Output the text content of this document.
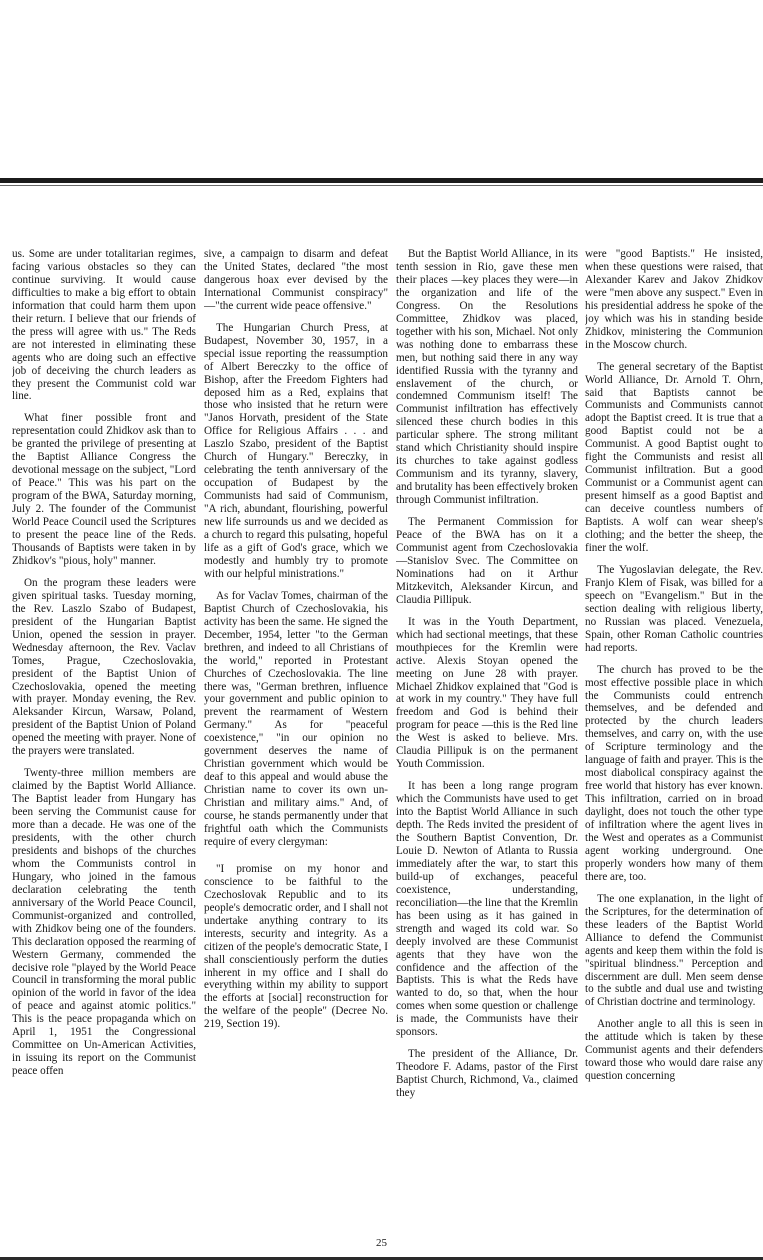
us. Some are under totalitarian regimes, facing various obstacles so they can continue surviving. It would cause difficulties to make a big effort to obtain information that could harm them upon their return. I believe that our friends of the press will agree with us." The Reds are not interested in eliminating these agents who are doing such an effective job of deceiving the church leaders as they present the Communist cold war line.

What finer possible front and representation could Zhidkov ask than to be granted the privilege of presenting at the Baptist Alliance Congress the devotional message on the subject, "Lord of Peace." This was his part on the program of the BWA, Saturday morning, July 2. The founder of the Communist World Peace Council used the Scriptures to present the peace line of the Reds. Thousands of Baptists were taken in by Zhidkov's "pious, holy" manner.

On the program these leaders were given spiritual tasks. Tuesday morning, the Rev. Laszlo Szabo of Budapest, president of the Hungarian Baptist Union, opened the session in prayer. Wednesday afternoon, the Rev. Vaclav Tomes, Prague, Czechoslovakia, president of the Baptist Union of Czechoslovakia, opened the meeting with prayer. Monday evening, the Rev. Aleksander Kircun, Warsaw, Poland, president of the Baptist Union of Poland opened the meeting with prayer. None of the prayers were translated.

Twenty-three million members are claimed by the Baptist World Alliance. The Baptist leader from Hungary has been serving the Communist cause for more than a decade. He was one of the presidents, with the other church presidents and bishops of the churches whom the Communists control in Hungary, who joined in the famous declaration celebrating the tenth anniversary of the World Peace Council, Communist-organized and controlled, with Zhidkov being one of the founders. This declaration opposed the rearming of Western Germany, commended the decisive role "played by the World Peace Council in transforming the moral public opinion of the world in favor of the idea of peace and against atomic politics." This is the peace propaganda which on April 1, 1951 the Congressional Committee on Un-American Activities, in issuing its report on the Communist peace offen

sive, a campaign to disarm and defeat the United States, declared "the most dangerous hoax ever devised by the International Communist conspiracy" —"the current wide peace offensive."

The Hungarian Church Press, at Budapest, November 30, 1957, in a special issue reporting the reassumption of Albert Bereczky to the office of Bishop, after the Freedom Fighters had deposed him as a Red, explains that those who insisted that he return were "Janos Horvath, president of the State Office for Religious Affairs . . . and Laszlo Szabo, president of the Baptist Church of Hungary." Bereczky, in celebrating the tenth anniversary of the occupation of Budapest by the Communists had said of Communism, "A rich, abundant, flourishing, powerful new life surrounds us and we decided as a church to regard this pulsating, hopeful life as a gift of God's grace, which we modestly and humbly try to promote with our helpful ministrations."

As for Vaclav Tomes, chairman of the Baptist Church of Czechoslovakia, his activity has been the same. He signed the December, 1954, letter "to the German brethren, and indeed to all Christians of the world," reported in Protestant Churches of Czechoslovakia. The line there was, "German brethren, influence your government and public opinion to prevent the rearmament of Western Germany." As for "peaceful coexistence," "in our opinion no government deserves the name of Christian government which would be deaf to this appeal and would abuse the Christian name to cover its own un-Christian and military aims." And, of course, he stands permanently under that frightful oath which the Communists require of every clergyman:

"I promise on my honor and conscience to be faithful to the Czechoslovak Republic and to its people's democratic order, and I shall not undertake anything contrary to its interests, security and integrity. As a citizen of the people's democratic State, I shall conscientiously perform the duties inherent in my office and I shall do everything within my ability to support the efforts at [social] reconstruction for the welfare of the people" (Decree No. 219, Section 19).

But the Baptist World Alliance, in its tenth session in Rio, gave these men their places —key places they were—in the organization and life of the Congress. On the Resolutions Committee, Zhidkov was placed, together with his son, Michael. Not only was nothing done to embarrass these men, but nothing said there in any way identified Russia with the tyranny and enslavement of the church, or condemned Communism itself! The Communist infiltration has effectively silenced these church bodies in this particular sphere. The strong militant stand which Christianity should inspire its churches to take against godless Communism and its tyranny, slavery, and brutality has been effectively broken through Communist infiltration.

The Permanent Commission for Peace of the BWA has on it a Communist agent from Czechoslovakia—Stanislov Svec. The Committee on Nominations had on it Arthur Mitzkevitch, Aleksander Kircun, and Claudia Pillipuk.

It was in the Youth Department, which had sectional meetings, that these mouthpieces for the Kremlin were active. Alexis Stoyan opened the meeting on June 28 with prayer. Michael Zhidkov explained that "God is at work in my country." They have full freedom and God is behind their program for peace —this is the Red line the West is asked to believe. Mrs. Claudia Pillipuk is on the permanent Youth Commission.

It has been a long range program which the Communists have used to get into the Baptist World Alliance in such depth. The Reds invited the president of the Southern Baptist Convention, Dr. Louie D. Newton of Atlanta to Russia immediately after the war, to start this build-up of exchanges, peaceful coexistence, understanding, reconciliation—the line that the Kremlin has been using as it has gained in strength and waged its cold war. So deeply involved are these Communist agents that they have won the confidence and the affection of the Baptists. This is what the Reds have wanted to do, so that, when the hour comes when some question or challenge is made, the Communists have their sponsors.

The president of the Alliance, Dr. Theodore F. Adams, pastor of the First Baptist Church, Richmond, Va., claimed they

were "good Baptists." He insisted, when these questions were raised, that Alexander Karev and Jakov Zhidkov were "men above any suspect." Even in his presidential address he spoke of the joy which was his in standing beside Zhidkov, ministering the Communion in the Moscow church.

The general secretary of the Baptist World Alliance, Dr. Arnold T. Ohrn, said that Baptists cannot be Communists and Communists cannot adopt the Baptist creed. It is true that a good Baptist could not be a Communist. A good Baptist ought to fight the Communists and resist all Communist infiltration. But a good Communist or a Communist agent can present himself as a good Baptist and can deceive countless numbers of Baptists. A wolf can wear sheep's clothing; and the better the sheep, the finer the wolf.

The Yugoslavian delegate, the Rev. Franjo Klem of Fisak, was billed for a speech on "Evangelism." But in the section dealing with religious liberty, no Russian was placed. Venezuela, Spain, other Roman Catholic countries had reports.

The church has proved to be the most effective possible place in which the Communists could entrench themselves, and be defended and protected by the church leaders themselves, and carry on, with the use of Scripture terminology and the language of faith and prayer. This is the most diabolical conspiracy against the free world that history has ever known. This infiltration, carried on in broad daylight, does not touch the other type of infiltration where the agent lives in the West and operates as a Communist agent working underground. One properly wonders how many of them there are, too.

The one explanation, in the light of the Scriptures, for the determination of these leaders of the Baptist World Alliance to defend the Communist agents and keep them within the fold is "spiritual blindness." Perception and discernment are dull. Men seem dense to the subtle and dual use and twisting of Christian doctrine and terminology.

Another angle to all this is seen in the attitude which is taken by these Communist agents and their defenders toward those who would dare raise any question concerning

25
